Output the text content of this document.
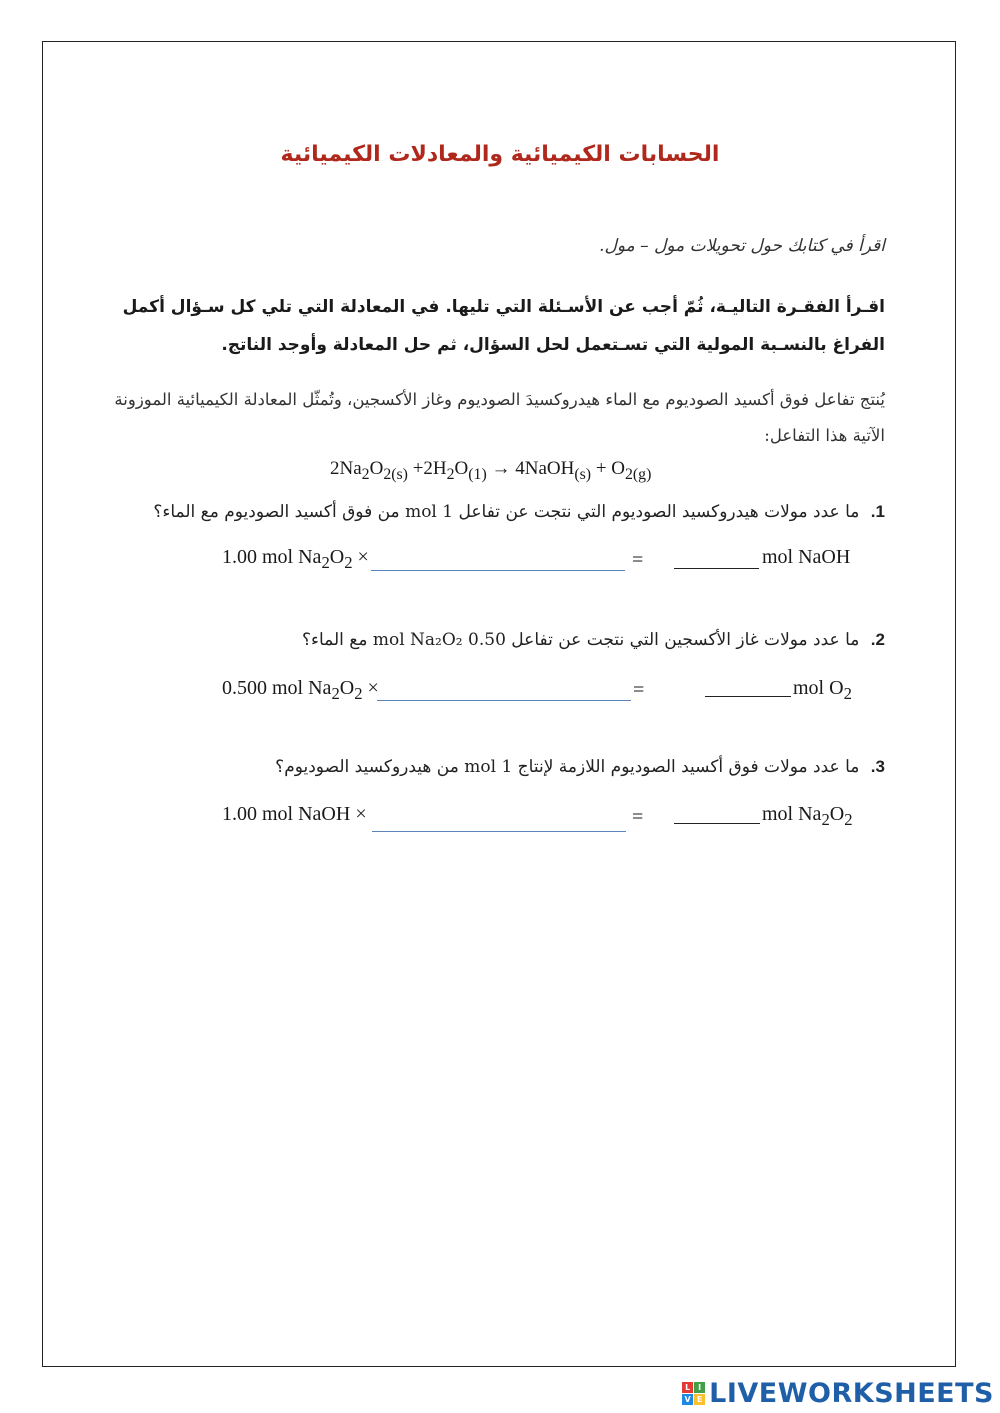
الحسابات الكيميائية والمعادلات الكيميائية
اقرأ في كتابك حول تحويلات مول – مول.
اقـرأ الفقـرة التاليـة، ثُمّ أجب عن الأسـئلة التي تليها. في المعادلة التي تلي كل سـؤال أكمل الفراغ بالنسـبة المولية التي تسـتعمل لحل السؤال، ثم حل المعادلة وأوجد الناتج.
يُنتج تفاعل فوق أكسيد الصوديوم مع الماء هيدروكسيدَ الصوديوم وغاز الأكسجين، وتُمثّل المعادلة الكيميائية الموزونة الآتية هذا التفاعل:
$2Na_2O_{2(s)} +2H_2O_{(1)}$ → 4NaOH$_{(s)}$ + $O_{2(g)}$
1. ما عدد مولات هيدروكسيد الصوديوم التي نتجت عن تفاعل 1 mol من فوق أكسيد الصوديوم مع الماء؟
1.00 mol $Na_2O_2$ ×	=	mol NaOH
2. ما عدد مولات غاز الأكسجين التي نتجت عن تفاعل 0.50 mol Na₂O₂ مع الماء؟
0.500 mol $Na_2O_2$ ×	=	mol $O_2$
3. ما عدد مولات فوق أكسيد الصوديوم اللازمة لإنتاج 1 mol من هيدروكسيد الصوديوم؟
1.00 mol NaOH ×	=	mol $Na_2O_2$
L I
V E LIVEWORKSHEETS
